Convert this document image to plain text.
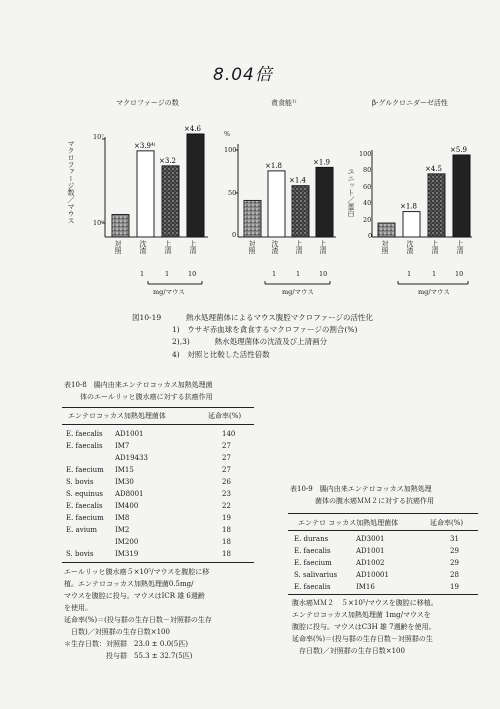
8.04倍
マクロファージの数	貪食能¹⁾	β-グルクロニダーゼ活性
マクロファージ数／マウス
%
ユニット／蛋白
10⁷
10⁶
100
50
0
100
80
60
40
20
0
×3.9⁴⁾
×3.2
×4.6
×1.8
×1.4
×1.9
×1.8
×4.5
×5.9
対照 沈渣 上清 上清	対照 沈渣 上清 上清	対照 沈渣 上清 上清
1	1	10	1	1	10	1	1	10
mg/マウス	mg/マウス	mg/マウス
図10-19　　　 熱水処理菌体によるマウス腹腔マクロファージの活性化
1)　ウサギ赤血球を貪食するマクロファージの割合(%)
2),3)　　　 熱水処理菌体の沈渣及び上清画分
4)　対照と比較した活性倍数
表10-8　腸内由来エンテロコッカス加熱処理菌
体のエールリッヒ腹水癌に対する抗癌作用
エンテロコッカス加熱処理菌体	延命率(%)
E. faecalis AD1001	140
E. faecalis IM7	27
AD19433	27
E. faecium IM15	27
S. bovis	IM30	26
S. equinus AD8001	23
E. faecalis IM400	22
E. faecium IM8	19
E. avium	IM2	18
IM200	18
S. bovis	IM319	18
エールリッヒ腹水癌５×10⁵/マウスを腹腔に移
植。エンテロコッカス加熱処理菌0.5mg/
マウスを腹腔に投与。マウスはICR 雄 6週齢
を使用。
延命率(%)＝(投与群の生存日数－対照群の生存
　日数)／対照群の生存日数×100
＊生存日数：対照群　23.0 ± 0.0(5匹)
　　　　　　投与群　55.3 ± 32.7(5匹)
表10-9　腸内由来エンテロコッカス加熱処理
菌体の腹水癌ＭＭ２に対する抗癌作用
エンテロ コッカス加熱処理菌体	延命率(%)
E. durans	AD3001	31
E. faecalis	AD1001	29
E. faecium	AD1002	29
S. salivarius	AD10001	28
E. faecalis	IM16	19
腹水癌ＭＭ２　５×10⁵/マウスを腹腔に移植。
エンテロコッカス加熱処理菌 1mg/マウスを
腹腔に投与。マウスはC3H 雄 7週齢を使用。
延命率(%)＝(投与群の生存日数－対照群の生
　存日数)／対照群の生存日数×100
